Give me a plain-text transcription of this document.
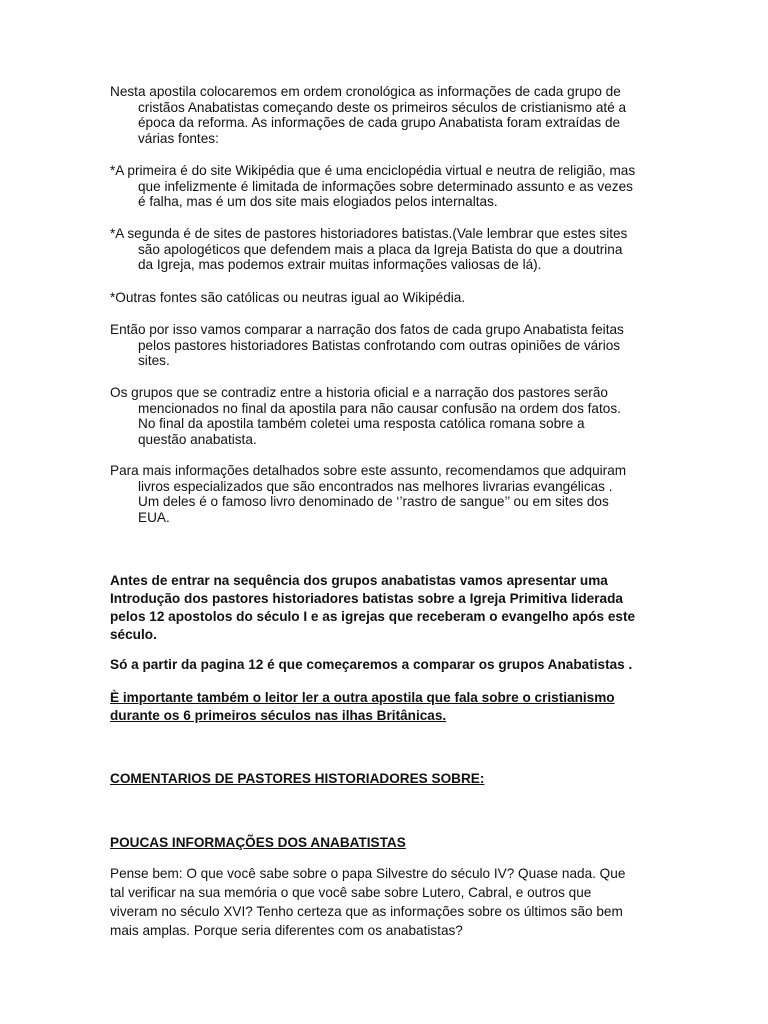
Nesta apostila colocaremos em ordem cronológica as informações de cada grupo de
cristãos Anabatistas começando deste os primeiros séculos de cristianismo até a
época da reforma. As informações de cada grupo Anabatista foram extraídas de
várias fontes:

*A primeira é do site Wikipédia que é uma enciclopédia virtual e neutra de religião, mas
que infelizmente é limitada de informações sobre determinado assunto e as vezes
é falha, mas é um dos site mais elogiados pelos internaltas.

*A segunda é de sites de pastores historiadores batistas.(Vale lembrar que estes sites
são apologéticos que defendem mais a placa da Igreja Batista do que a doutrina
da Igreja, mas podemos extrair muitas informações valiosas de lá).

*Outras fontes são católicas ou neutras igual ao Wikipédia.

Então por isso vamos comparar a narração dos fatos de cada grupo Anabatista feitas
pelos pastores historiadores Batistas confrotando com outras opiniões de vários
sites.

Os grupos que se contradiz entre a historia oficial e a narração dos pastores serão
mencionados no final da apostila para não causar confusão na ordem dos fatos.
No final da apostila também coletei uma resposta católica romana sobre a
questão anabatista.

Para mais informações detalhados sobre este assunto, recomendamos que adquiram
livros especializados que são encontrados nas melhores livrarias evangélicas .
Um deles é o famoso livro denominado de ‘’rastro de sangue’’ ou em sites dos
EUA.

Antes de entrar na sequência dos grupos anabatistas vamos apresentar uma
Introdução dos pastores historiadores batistas sobre a Igreja Primitiva liderada
pelos 12 apostolos do século I e as igrejas que receberam o evangelho após este
século.

Só a partir da pagina 12 é que começaremos a comparar os grupos Anabatistas .

È importante também o leitor ler a outra apostila que fala sobre o cristianismo
durante os 6 primeiros séculos nas ilhas Britânicas.

COMENTARIOS DE PASTORES HISTORIADORES SOBRE:

POUCAS INFORMAÇÕES DOS ANABATISTAS

Pense bem: O que você sabe sobre o papa Silvestre do século IV? Quase nada. Que
tal verificar na sua memória o que você sabe sobre Lutero, Cabral, e outros que
viveram no século XVI? Tenho certeza que as informações sobre os últimos são bem
mais amplas. Porque seria diferentes com os anabatistas?
